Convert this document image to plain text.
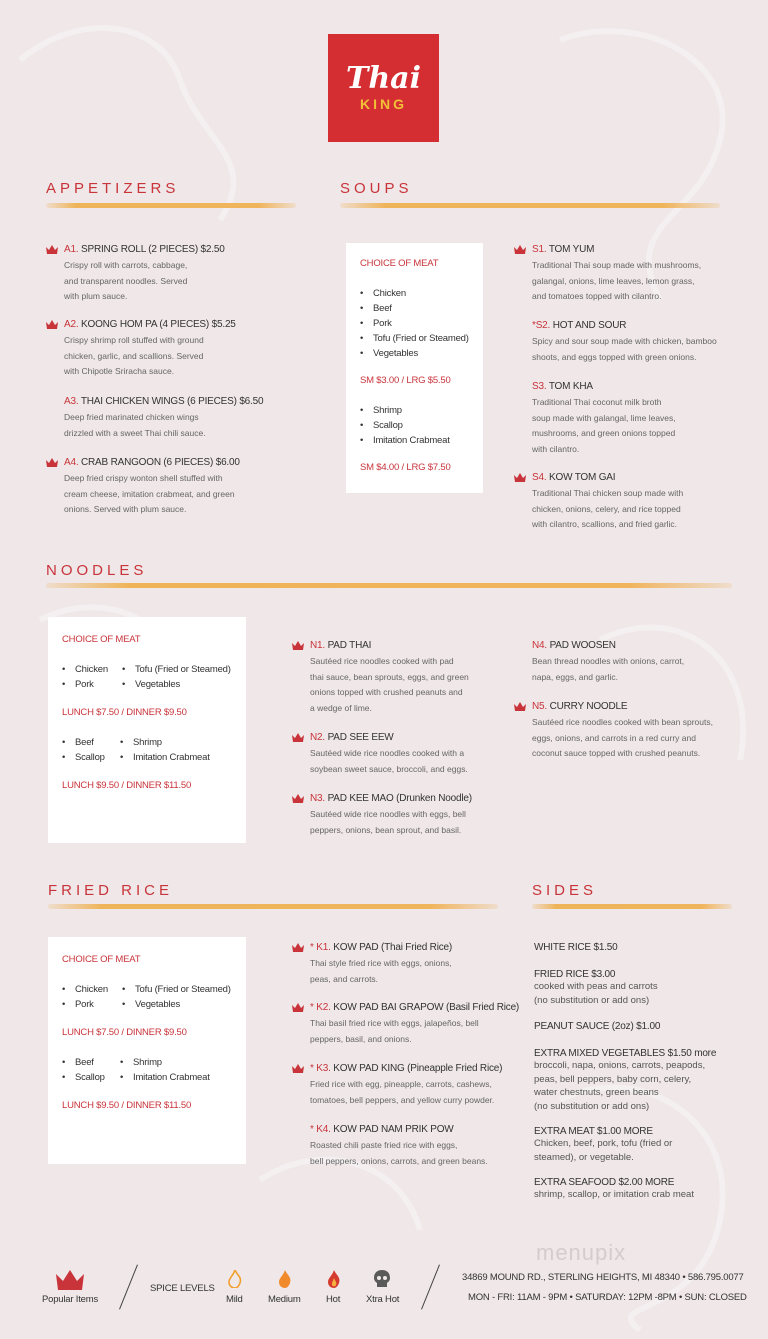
Thai
KING
APPETIZERS
A1. SPRING ROLL (2 PIECES) $2.50
Crispy roll with carrots, cabbage,
and transparent noodles. Served
with plum sauce.
A2. KOONG HOM PA (4 PIECES) $5.25
Crispy shrimp roll stuffed with ground
chicken, garlic, and scallions. Served
with Chipotle Sriracha sauce.
A3. THAI CHICKEN WINGS (6 PIECES) $6.50
Deep fried marinated chicken wings
drizzled with a sweet Thai chili sauce.
A4. CRAB RANGOON (6 PIECES) $6.00
Deep fried crispy wonton shell stuffed with
cream cheese, imitation crabmeat, and green
onions. Served with plum sauce.
SOUPS
CHOICE OF MEAT
• Chicken
• Beef
• Pork
• Tofu (Fried or Steamed)
• Vegetables
SM $3.00 / LRG $5.50
• Shrimp
• Scallop
• Imitation Crabmeat
SM $4.00 / LRG $7.50
S1. TOM YUM
Traditional Thai soup made with mushrooms,
galangal, onions, lime leaves, lemon grass,
and tomatoes topped with cilantro.
*S2. HOT AND SOUR
Spicy and sour soup made with chicken, bamboo
shoots, and eggs topped with green onions.
S3. TOM KHA
Traditional Thai coconut milk broth
soup made with galangal, lime leaves,
mushrooms, and green onions topped
with cilantro.
S4. KOW TOM GAI
Traditional Thai chicken soup made with
chicken, onions, celery, and rice topped
with cilantro, scallions, and fried garlic.
NOODLES
CHOICE OF MEAT
• Chicken
• Pork
• Tofu (Fried or Steamed)
• Vegetables
LUNCH $7.50 / DINNER $9.50
• Beef
• Scallop
• Shrimp
• Imitation Crabmeat
LUNCH $9.50 / DINNER $11.50
N1. PAD THAI
Sautéed rice noodles cooked with pad
thai sauce, bean sprouts, eggs, and green
onions topped with crushed peanuts and
a wedge of lime.
N2. PAD SEE EEW
Sautéed wide rice noodles cooked with a
soybean sweet sauce, broccoli, and eggs.
N3. PAD KEE MAO (Drunken Noodle)
Sautéed wide rice noodles with eggs, bell
peppers, onions, bean sprout, and basil.
N4. PAD WOOSEN
Bean thread noodles with onions, carrot,
napa, eggs, and garlic.
N5. CURRY NOODLE
Sautéed rice noodles cooked with bean sprouts,
eggs, onions, and carrots in a red curry and
coconut sauce topped with crushed peanuts.
FRIED RICE
CHOICE OF MEAT
• Chicken
• Pork
• Tofu (Fried or Steamed)
• Vegetables
LUNCH $7.50 / DINNER $9.50
• Beef
• Scallop
• Shrimp
• Imitation Crabmeat
LUNCH $9.50 / DINNER $11.50
* K1. KOW PAD (Thai Fried Rice)
Thai style fried rice with eggs, onions,
peas, and carrots.
* K2. KOW PAD BAI GRAPOW (Basil Fried Rice)
Thai basil fried rice with eggs, jalapeños, bell
peppers, basil, and onions.
* K3. KOW PAD KING (Pineapple Fried Rice)
Fried rice with egg, pineapple, carrots, cashews,
tomatoes, bell peppers, and yellow curry powder.
* K4. KOW PAD NAM PRIK POW
Roasted chili paste fried rice with eggs,
bell peppers, onions, carrots, and green beans.
SIDES
WHITE RICE $1.50
FRIED RICE $3.00
cooked with peas and carrots
(no substitution or add ons)
PEANUT SAUCE (2oz) $1.00
EXTRA MIXED VEGETABLES $1.50 more
broccoli, napa, onions, carrots, peapods,
peas, bell peppers, baby corn, celery,
water chestnuts, green beans
(no substitution or add ons)
EXTRA MEAT $1.00 MORE
Chicken, beef, pork, tofu (fried or
steamed), or vegetable.
EXTRA SEAFOOD $2.00 MORE
shrimp, scallop, or imitation crab meat
menupix
Popular Items
SPICE LEVELS
Mild	Medium	Hot	Xtra Hot
34869 MOUND RD., STERLING HEIGHTS, MI 48340 • 586.795.0077
MON - FRI: 11AM - 9PM • SATURDAY: 12PM -8PM • SUN: CLOSED
